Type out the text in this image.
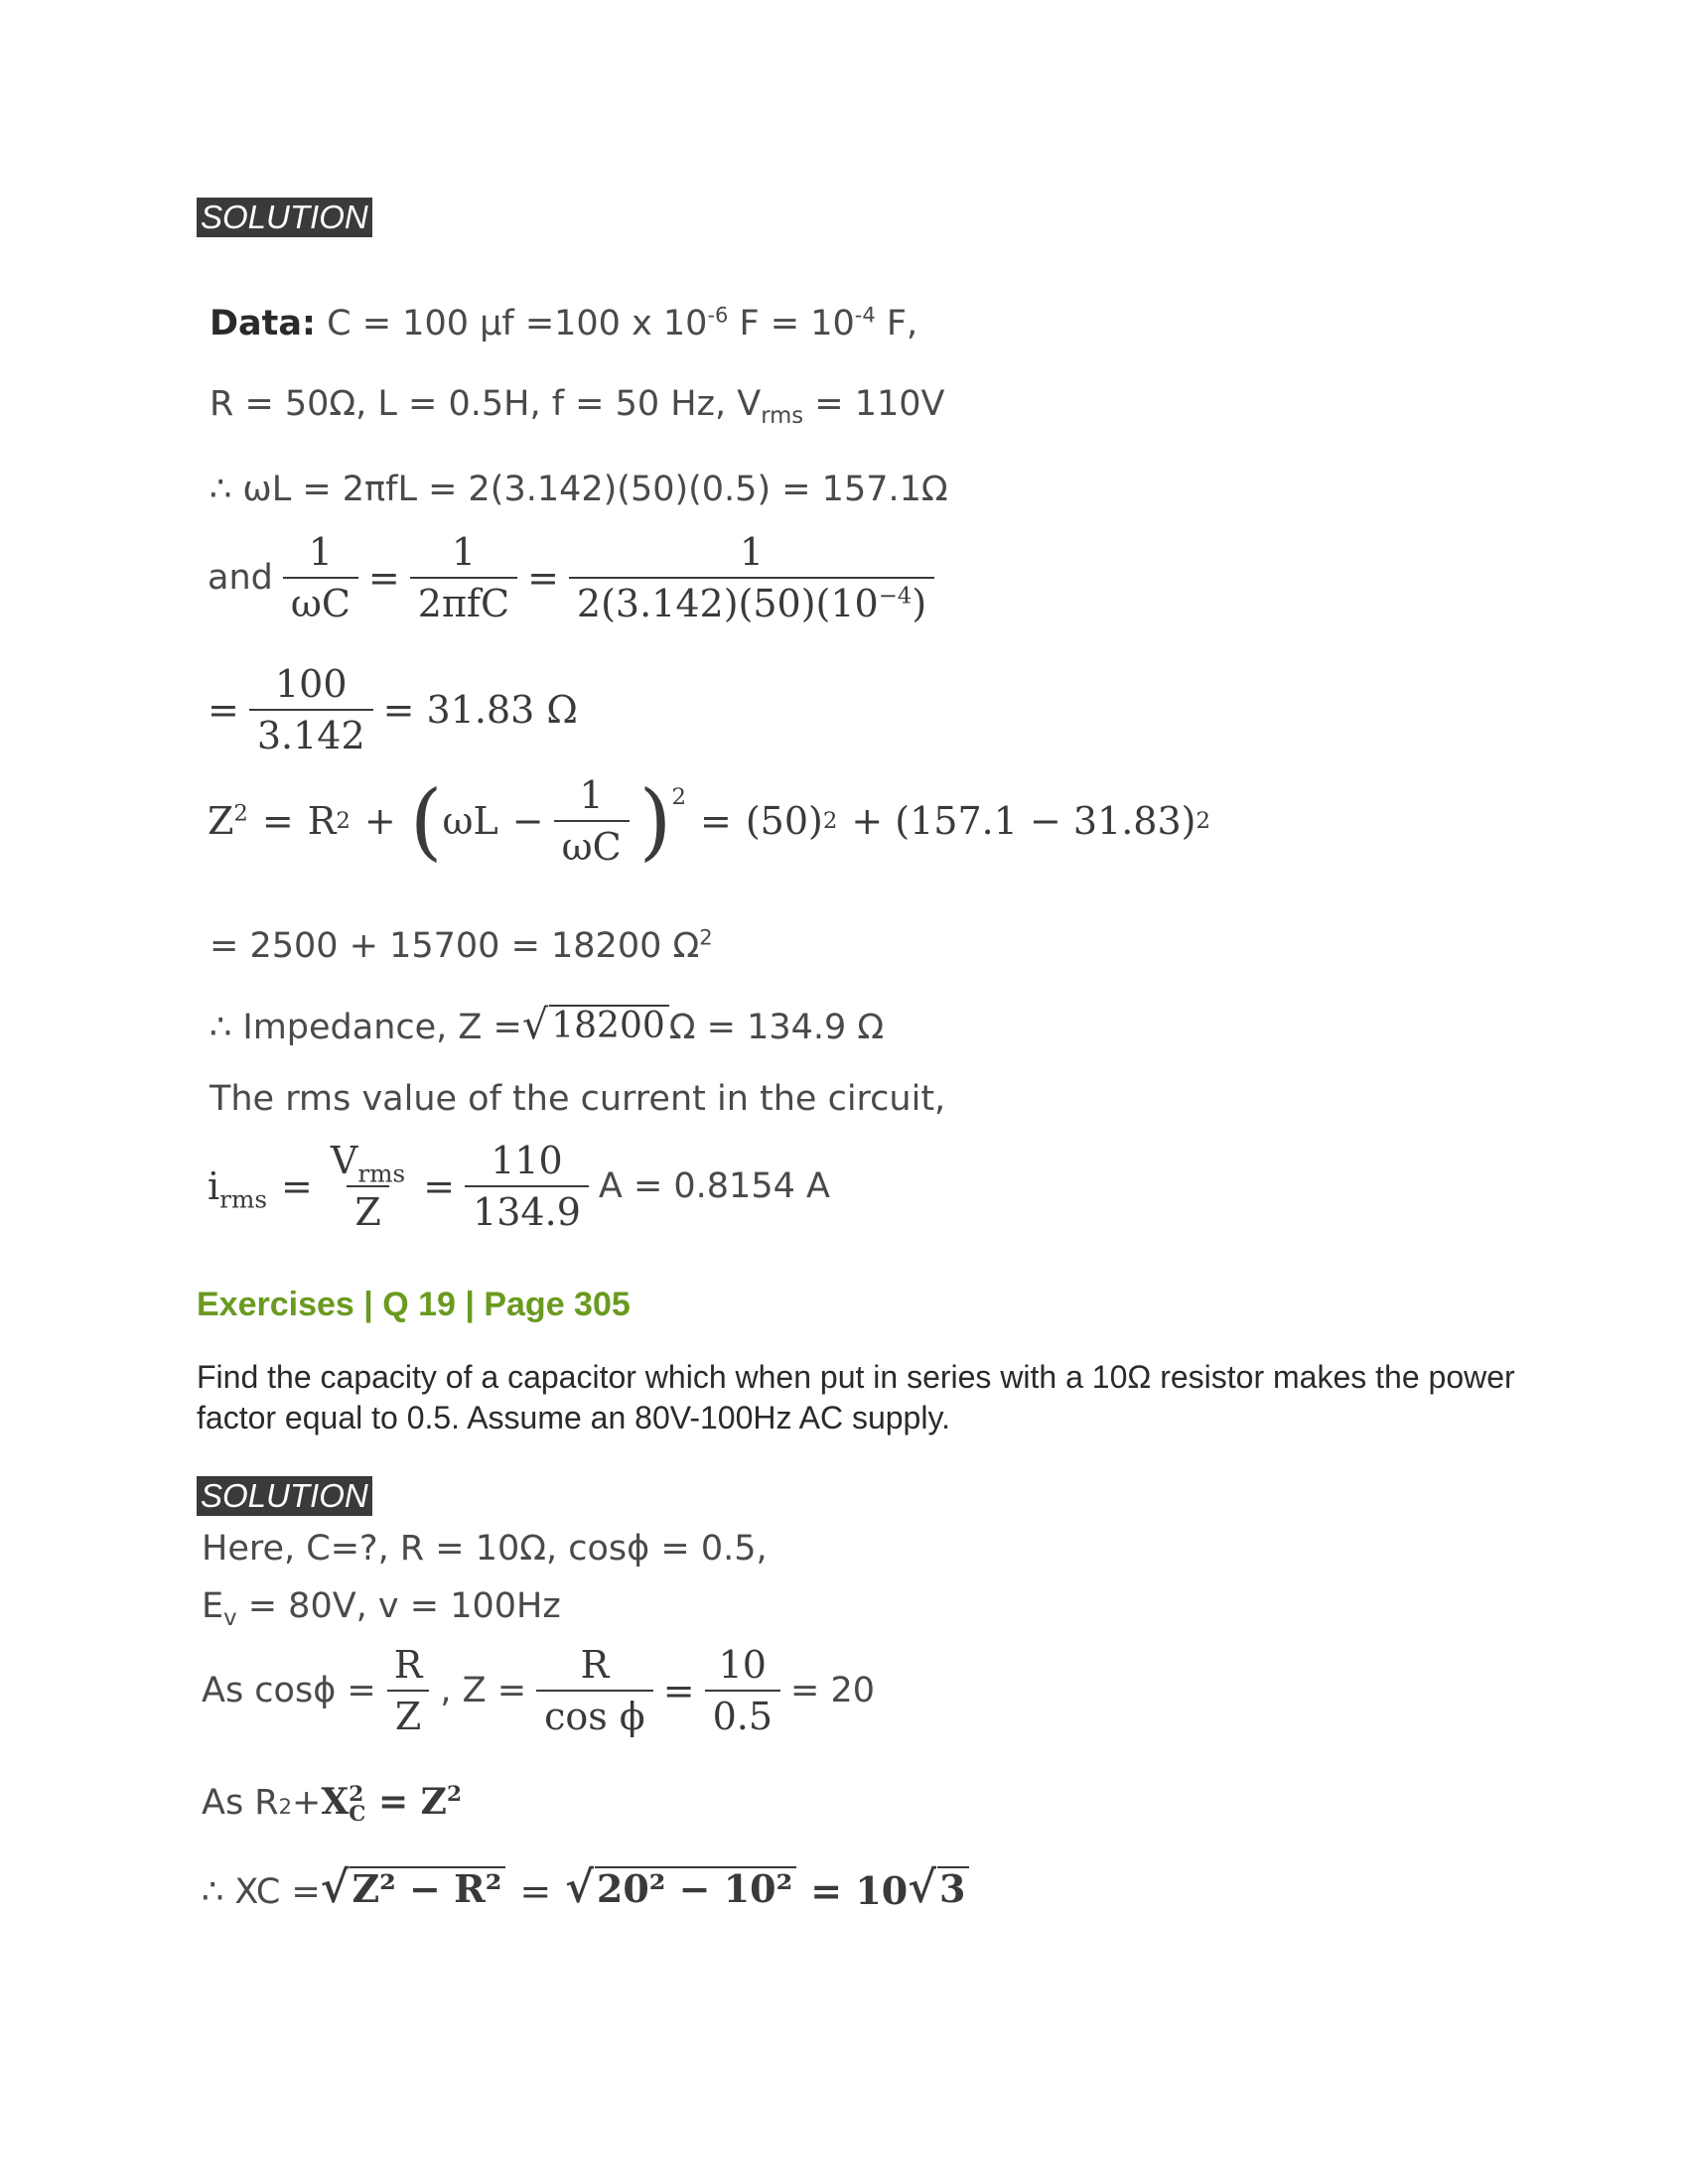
SOLUTION
Data: C = 100 μf =100 x $10^{-6}$ $F = 10^{-4}$ F,
R = 50Ω, L = 0.5H, f = 50 Hz, $V_{rms} = 110V$
∴ ωL = 2πfL = 2(3.142)(50)(0.5) = 157.1Ω
and $\frac{1}{\omega C} = \frac{1}{\text{2πfC}} = \frac{1}{2(3.142)(50)(10^{-4})}$
= $\frac{100}{3.142} = 31.83$ Ω
$Z^2 = R$ 2 + ( $\omega L - \frac{1}{\omega C} )^2$
= (50) 2 + (157.1 − 31.83) 2
= 2500 + 15700 = 18200 $\Omega^2$
∴ Impedance, Z = √ 18200 Ω = 134.9 Ω
The rms value of the current in the circuit,
$i_{rms} = \frac{V_{rms}}{Z} = \frac{110}{134.9}$ A = 0.8154 A
Exercises | Q 19 | Page 305
Find the capacity of a capacitor which when put in series with a 10Ω resistor makes the power factor equal to 0.5. Assume an 80V-100Hz AC supply.
SOLUTION
Here, C=?, R = 10Ω, cosϕ = 0.5,
$E_v = 80V$, v = 100Hz
As $\cos\phi = \frac{R}{Z}$ , $Z = \frac{R}{\text{cos ϕ}} = \frac{10}{0.5} = 20$
As R 2 + X 2
$C = Z^2$
∴ XC = √ Z² − R² = √ 20² − 10² = 10 √ 3
